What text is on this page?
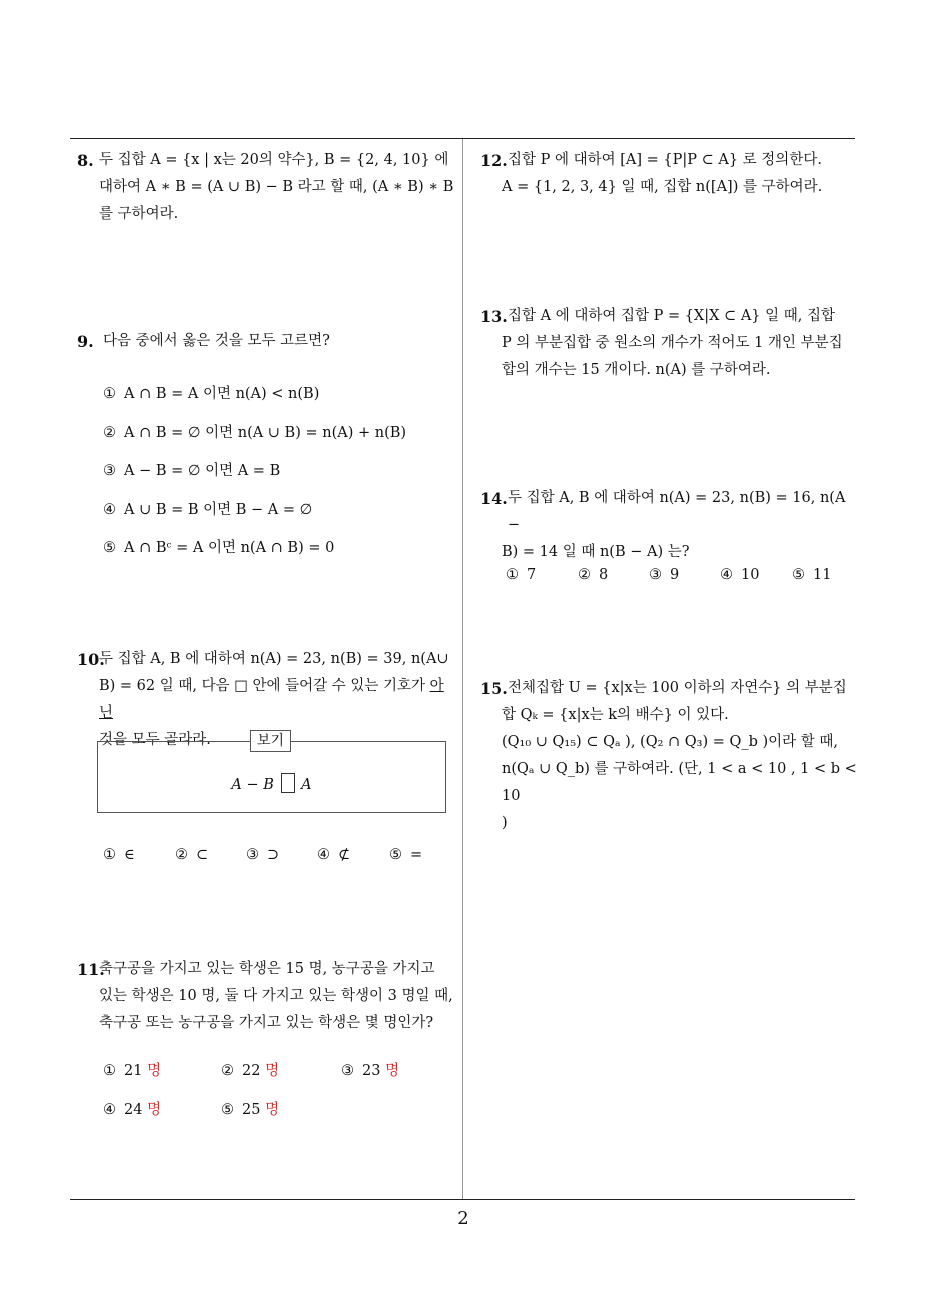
8. 두 집합 A = {x | x는 20의 약수}, B = {2, 4, 10} 에
대하여 A ∗ B = (A ∪ B) − B 라고 할 때, (A ∗ B) ∗ B
를 구하여라.
9. 다음 중에서 옳은 것을 모두 고르면?
① A ∩ B = A 이면 n(A) < n(B)
② A ∩ B = ∅ 이면 n(A ∪ B) = n(A) + n(B)
③ A − B = ∅ 이면 A = B
④ A ∪ B = B 이면 B − A = ∅
⑤ A ∩ Bᶜ = A 이면 n(A ∩ B) = 0
10.
두 집합 A, B 에 대하여 n(A) = 23, n(B) = 39, n(A∪
B) = 62 일 때, 다음 □ 안에 들어갈 수 있는 기호가 아닌
것을 모두 골라라.
A − B A
보기
① ∈	② ⊂	③ ⊃	④ ⊄	⑤ =
11.
축구공을 가지고 있는 학생은 15 명, 농구공을 가지고
있는 학생은 10 명, 둘 다 가지고 있는 학생이 3 명일 때,
축구공 또는 농구공을 가지고 있는 학생은 몇 명인가?
① 21 명	② 22 명	③ 23 명
④ 24 명	⑤ 25 명
12. 집합 P 에 대하여 [A] = {P|P ⊂ A} 로 정의한다.
A = {1, 2, 3, 4} 일 때, 집합 n([A]) 를 구하여라.
13. 집합 A 에 대하여 집합 P = {X|X ⊂ A} 일 때, 집합
P 의 부분집합 중 원소의 개수가 적어도 1 개인 부분집
합의 개수는 15 개이다. n(A) 를 구하여라.
14. 두 집합 A, B 에 대하여 n(A) = 23, n(B) = 16, n(A −
B) = 14 일 때 n(B − A) 는?
① 7	② 8	③ 9	④ 10 ⑤ 11
15. 전체집합 U = {x|x는 100 이하의 자연수} 의 부분집
합 Qₖ = {x|x는 k의 배수} 이 있다.
(Q₁₀ ∪ Q₁₅) ⊂ Qₐ ), (Q₂ ∩ Q₃) = Q_b )이라 할 때,
n(Qₐ ∪ Q_b) 를 구하여라. (단, 1 < a < 10 , 1 < b < 10
)
2
